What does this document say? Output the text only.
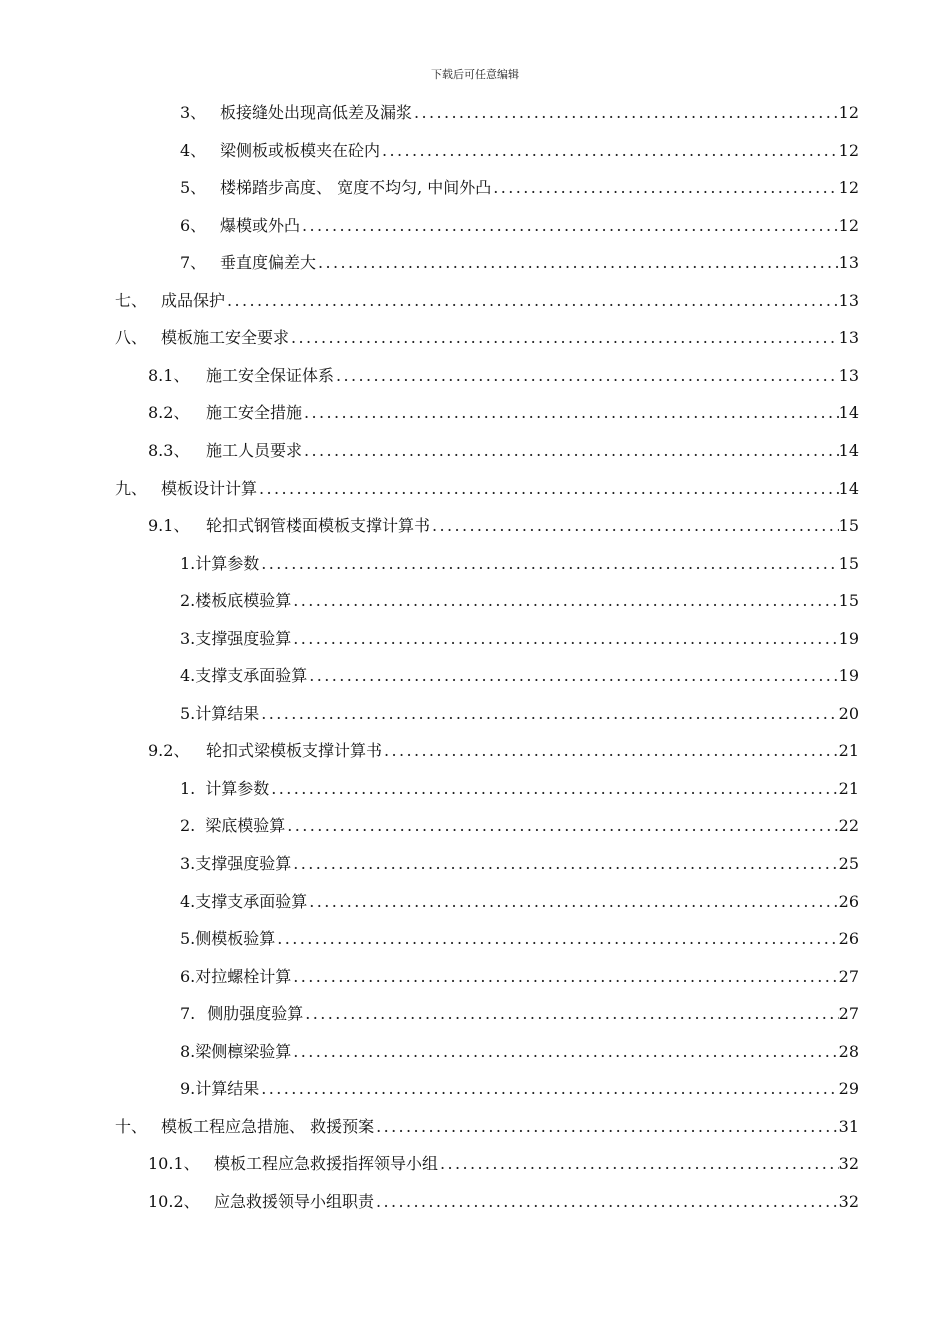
下载后可任意编辑
3、 板接缝处出现高低差及漏浆 .....	12
4、 梁侧板或板模夹在砼内 .....	12
5、 楼梯踏步高度、 宽度不均匀, 中间外凸 .....	12
6、 爆模或外凸 .....	12
7、 垂直度偏差大 .....	13
七、 成品保护 .....	13
八、 模板施工安全要求 .....	13
8.1、	施工安全保证体系 .....	13
8.2、	施工安全措施 .....	14
8.3、	施工人员要求 .....	14
九、 模板设计计算 .....	14
9.1、	轮扣式钢管楼面模板支撑计算书 .....	15
1. 计算参数 .....	15
2. 楼板底模验算 .....	15
3. 支撑强度验算 .....	19
4. 支撑支承面验算 .....	19
5. 计算结果 .....	20
9.2、	轮扣式梁模板支撑计算书 .....	21
1. 计算参数 .....	21
2. 梁底模验算 .....	22
3. 支撑强度验算 .....	25
4. 支撑支承面验算 .....	26
5. 侧模板验算 .....	26
6. 对拉螺栓计算 .....	27
7. 侧肋强度验算 .....	27
8. 梁侧檩梁验算 .....	28
9. 计算结果 .....	29
十、 模板工程应急措施、 救援预案 .....	31
10.1、 模板工程应急救援指挥领导小组 .....	32
10.2、 应急救援领导小组职责 .....	32
